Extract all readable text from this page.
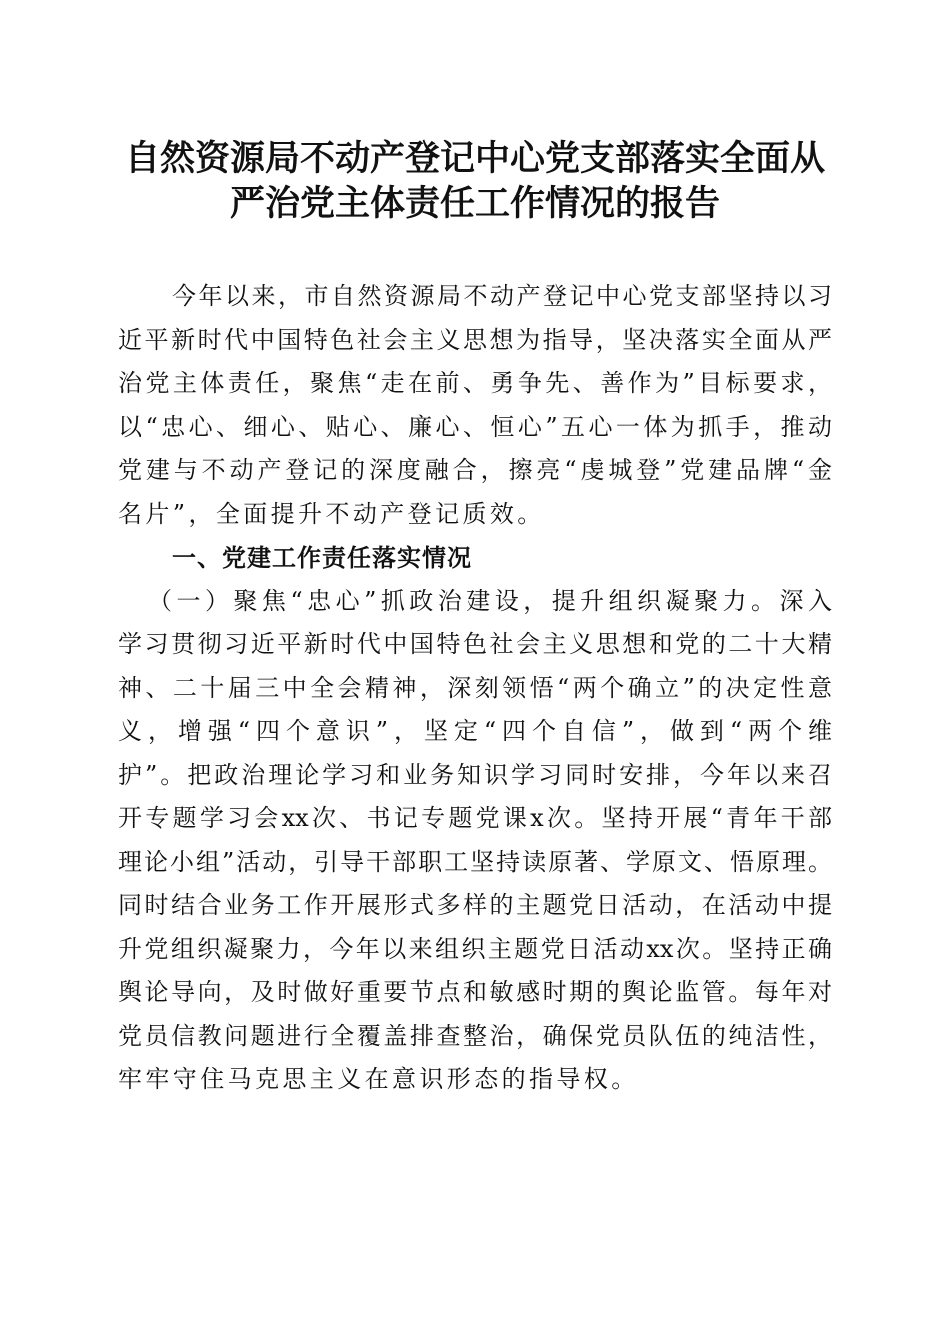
自然资源局不动产登记中心党支部落实全面从
严治党主体责任工作情况的报告
今年以来，市自然资源局不动产登记中心党支部坚持以习
近平新时代中国特色社会主义思想为指导，坚决落实全面从严
治党主体责任，聚焦“走在前、勇争先、善作为”目标要求，
以“忠心、细心、贴心、廉心、恒心”五心一体为抓手，推动
党建与不动产登记的深度融合，擦亮“虔城登”党建品牌“金
名片”，全面提升不动产登记质效。
一、党建工作责任落实情况
（一）聚焦“忠心”抓政治建设，提升组织凝聚力。深入
学习贯彻习近平新时代中国特色社会主义思想和党的二十大精
神、二十届三中全会精神，深刻领悟“两个确立”的决定性意
义，增强“四个意识”，坚定“四个自信”，做到“两个维
护”。把政治理论学习和业务知识学习同时安排，今年以来召
开专题学习会xx次、书记专题党课x次。坚持开展“青年干部
理论小组”活动，引导干部职工坚持读原著、学原文、悟原理。
同时结合业务工作开展形式多样的主题党日活动，在活动中提
升党组织凝聚力，今年以来组织主题党日活动xx次。坚持正确
舆论导向，及时做好重要节点和敏感时期的舆论监管。每年对
党员信教问题进行全覆盖排查整治，确保党员队伍的纯洁性，
牢牢守住马克思主义在意识形态的指导权。
